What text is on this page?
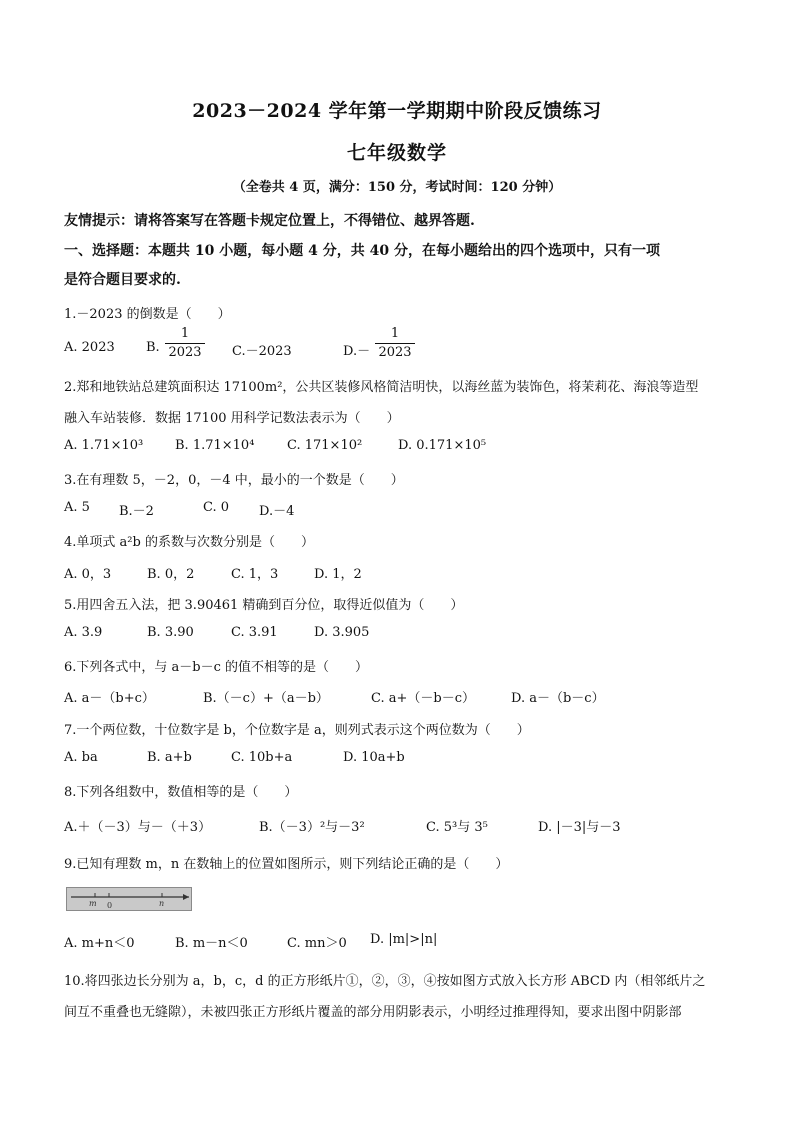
2023－2024 学年第一学期期中阶段反馈练习
七年级数学
（全卷共 4 页，满分：150 分，考试时间：120 分钟）
友情提示：请将答案写在答题卡规定位置上，不得错位、越界答题.
一、选择题：本题共 10 小题，每小题 4 分，共 40 分，在每小题给出的四个选项中，只有一项
是符合题目要求的.
1.－2023 的倒数是（　　）
A. 2023 B.
1
2023 C.－2023	D.－
1
2023
2.郑和地铁站总建筑面积达 17100m²，公共区装修风格简洁明快，以海丝蓝为装饰色，将茉莉花、海浪等造型
融入车站装修．数据 17100 用科学记数法表示为（　　）
A. 1.71×10³ B. 1.71×10⁴	C. 171×10²	D. 0.171×10⁵
3.在有理数 5，－2，0，－4 中，最小的一个数是（　　）
A. 5 B.－2	C. 0 D.－4
4.单项式 a²b 的系数与次数分别是（　　）
A. 0，3	B. 0，2	C. 1，3	D. 1，2
5.用四舍五入法，把 3.90461 精确到百分位，取得近似值为（　　）
A. 3.9	B. 3.90	C. 3.91	D. 3.905
6.下列各式中，与 a－b－c 的值不相等的是（　　）
A. a－（b+c）	B.（－c）+（a－b）	C. a+（－b－c）	D. a－（b－c）
7.一个两位数，十位数字是 b，个位数字是 a，则列式表示这个两位数为（　　）
A. ba	B. a+b	C. 10b+a	D. 10a+b
8.下列各组数中，数值相等的是（　　）
A.＋（－3）与－（＋3）	B.（－3）²与－3²	C. 5³与 3⁵	D. |－3|与－3
9.已知有理数 m，n 在数轴上的位置如图所示，则下列结论正确的是（　　）
m 0	n
A. m+n＜0	B. m－n＜0	C. mn＞0 D. |m|>|n|
10.将四张边长分别为 a，b，c，d 的正方形纸片①，②，③，④按如图方式放入长方形 ABCD 内（相邻纸片之
间互不重叠也无缝隙），未被四张正方形纸片覆盖的部分用阴影表示，小明经过推理得知，要求出图中阴影部
